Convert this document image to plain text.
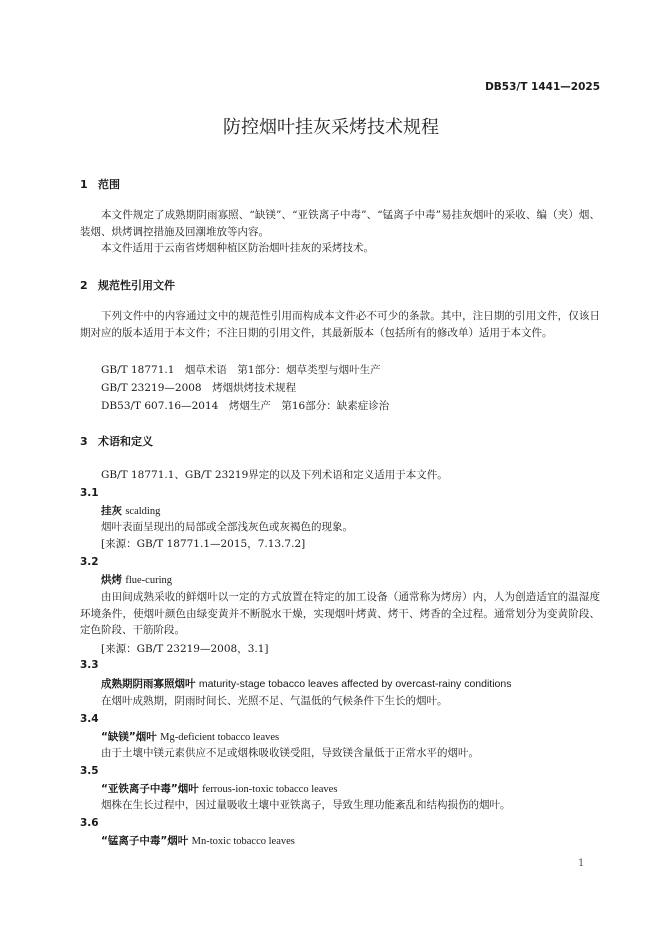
DB53/T 1441—2025
防控烟叶挂灰采烤技术规程
1 范围
本文件规定了成熟期阴雨寡照、“缺镁”、“亚铁离子中毒”、“锰离子中毒”易挂灰烟叶的采收、编（夹）烟、装烟、烘烤调控措施及回潮堆放等内容。
本文件适用于云南省烤烟种植区防治烟叶挂灰的采烤技术。
2 规范性引用文件
下列文件中的内容通过文中的规范性引用而构成本文件必不可少的条款。其中，注日期的引用文件，仅该日期对应的版本适用于本文件；不注日期的引用文件，其最新版本（包括所有的修改单）适用于本文件。
GB/T 18771.1　烟草术语　第1部分：烟草类型与烟叶生产
GB/T 23219—2008　烤烟烘烤技术规程
DB53/T 607.16—2014　烤烟生产　第16部分：缺素症诊治
3 术语和定义
GB/T 18771.1、GB/T 23219界定的以及下列术语和定义适用于本文件。
3.1
挂灰 scalding
烟叶表面呈现出的局部或全部浅灰色或灰褐色的现象。
[来源：GB/T 18771.1—2015，7.13.7.2]
3.2
烘烤 flue-curing
由田间成熟采收的鲜烟叶以一定的方式放置在特定的加工设备（通常称为烤房）内，人为创造适宜的温湿度环境条件，使烟叶颜色由绿变黄并不断脱水干燥，实现烟叶烤黄、烤干、烤香的全过程。通常划分为变黄阶段、定色阶段、干筋阶段。
[来源：GB/T 23219—2008，3.1]
3.3
成熟期阴雨寡照烟叶 maturity-stage tobacco leaves affected by overcast-rainy conditions
在烟叶成熟期，阴雨时间长、光照不足、气温低的气候条件下生长的烟叶。
3.4
“缺镁”烟叶 Mg-deficient tobacco leaves
由于土壤中镁元素供应不足或烟株吸收镁受阻，导致镁含量低于正常水平的烟叶。
3.5
“亚铁离子中毒”烟叶 ferrous-ion-toxic tobacco leaves
烟株在生长过程中，因过量吸收土壤中亚铁离子，导致生理功能紊乱和结构损伤的烟叶。
3.6
“锰离子中毒”烟叶 Mn-toxic tobacco leaves
1
